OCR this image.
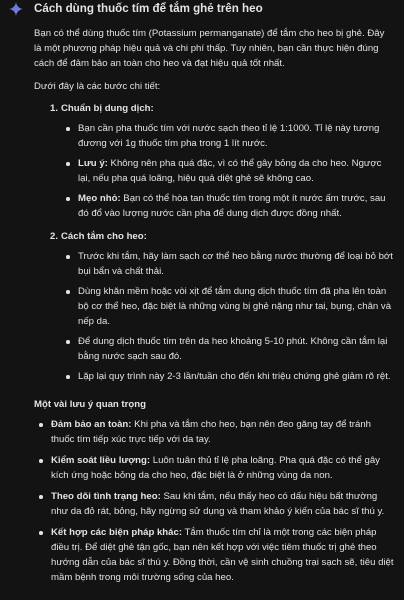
Cách dùng thuốc tím để tắm ghẻ trên heo

Bạn có thể dùng thuốc tím (Potassium permanganate) để tắm cho heo bị ghẻ. Đây là một phương pháp hiệu quả và chi phí thấp. Tuy nhiên, bạn cần thực hiện đúng cách để đảm bảo an toàn cho heo và đạt hiệu quả tốt nhất.

Dưới đây là các bước chi tiết:

1. Chuẩn bị dung dịch:
Bạn cần pha thuốc tím với nước sạch theo tỉ lệ 1:1000. Tỉ lệ này tương đương với 1g thuốc tím pha trong 1 lít nước.
Lưu ý: Không nên pha quá đặc, vì có thể gây bỏng da cho heo. Ngược lại, nếu pha quá loãng, hiệu quả diệt ghẻ sẽ không cao.
Mẹo nhỏ: Bạn có thể hòa tan thuốc tím trong một ít nước ấm trước, sau đó đổ vào lượng nước cần pha để dung dịch được đồng nhất.
2. Cách tắm cho heo:
Trước khi tắm, hãy làm sạch cơ thể heo bằng nước thường để loại bỏ bớt bụi bẩn và chất thải.
Dùng khăn mềm hoặc vòi xịt để tắm dung dịch thuốc tím đã pha lên toàn bộ cơ thể heo, đặc biệt là những vùng bị ghẻ nặng như tai, bụng, chân và nếp da.
Để dung dịch thuốc tím trên da heo khoảng 5-10 phút. Không cần tắm lại bằng nước sạch sau đó.
Lặp lại quy trình này 2-3 lần/tuần cho đến khi triệu chứng ghẻ giảm rõ rệt.
Một vài lưu ý quan trọng
Đảm bảo an toàn: Khi pha và tắm cho heo, bạn nên đeo găng tay để tránh thuốc tím tiếp xúc trực tiếp với da tay.
Kiểm soát liều lượng: Luôn tuân thủ tỉ lệ pha loãng. Pha quá đặc có thể gây kích ứng hoặc bỏng da cho heo, đặc biệt là ở những vùng da non.
Theo dõi tình trạng heo: Sau khi tắm, nếu thấy heo có dấu hiệu bất thường như da đỏ rát, bỏng, hãy ngừng sử dụng và tham khảo ý kiến của bác sĩ thú y.
Kết hợp các biện pháp khác: Tắm thuốc tím chỉ là một trong các biện pháp điều trị. Để diệt ghẻ tận gốc, bạn nên kết hợp với việc tiêm thuốc trị ghẻ theo hướng dẫn của bác sĩ thú y. Đồng thời, cần vệ sinh chuồng trại sạch sẽ, tiêu diệt mầm bệnh trong môi trường sống của heo.
